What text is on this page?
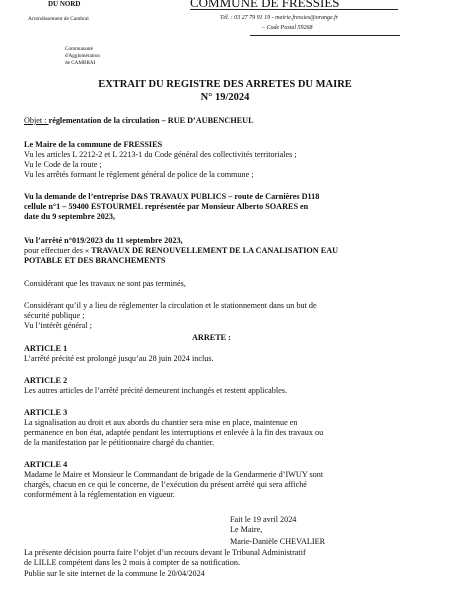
DU NORD
Arrondissement de Cambrai
Communauté
d'Agglomération
de CAMBRAI
COMMUNE DE FRESSIES
Tél. : 03 27 79 91 19 - mairie.fressies@orange.fr
– Code Postal 59268
EXTRAIT DU REGISTRE DES ARRETES DU MAIRE
N° 19/2024
Objet : réglementation de la circulation – RUE D’AUBENCHEUL
Le Maire de la commune de FRESSIES
Vu les articles L 2212-2 et L 2213-1 du Code général des collectivités territoriales ;
Vu le Code de la route ;
Vu les arrêtés formant le règlement général de police de la commune ;
Vu la demande de l’entreprise D&S TRAVAUX PUBLICS – route de Carnières D118
cellule n°1 – 59400 ESTOURMEL représentée par Monsieur Alberto SOARES en
date du 9 septembre 2023,
Vu l’arrêté n°019/2023 du 11 septembre 2023,
pour effectuer des « TRAVAUX DE RENOUVELLEMENT DE LA CANALISATION EAU
POTABLE ET DES BRANCHEMENTS
Considérant que les travaux ne sont pas terminés,
Considérant qu’il y a lieu de réglementer la circulation et le stationnement dans un but de
sécurité publique ;
Vu l’intérêt général ;
ARRETE :
ARTICLE 1
L’arrêté précité est prolongé jusqu’au 28 juin 2024 inclus.
ARTICLE 2
Les autres articles de l’arrêté précité demeurent inchangés et restent applicables.
ARTICLE 3
La signalisation au droit et aux abords du chantier sera mise en place, maintenue en
permanence en bon état, adaptée pendant les interruptions et enlevée à la fin des travaux ou
de la manifestation par le pétitionnaire chargé du chantier.
ARTICLE 4
Madame le Maire et Monsieur le Commandant de brigade de la Gendarmerie d’IWUY sont
chargés, chacun en ce qui le concerne, de l’exécution du présent arrêté qui sera affiché
conformément à la réglementation en vigueur.
Fait le 19 avril 2024
Le Maire,
Marie-Danièle CHEVALIER
La présente décision pourra faire l’objet d’un recours devant le Tribunal Administratif
de LILLE compétent dans les 2 mois à compter de sa notification.
Publie sur le site internet de la commune le 20/04/2024
